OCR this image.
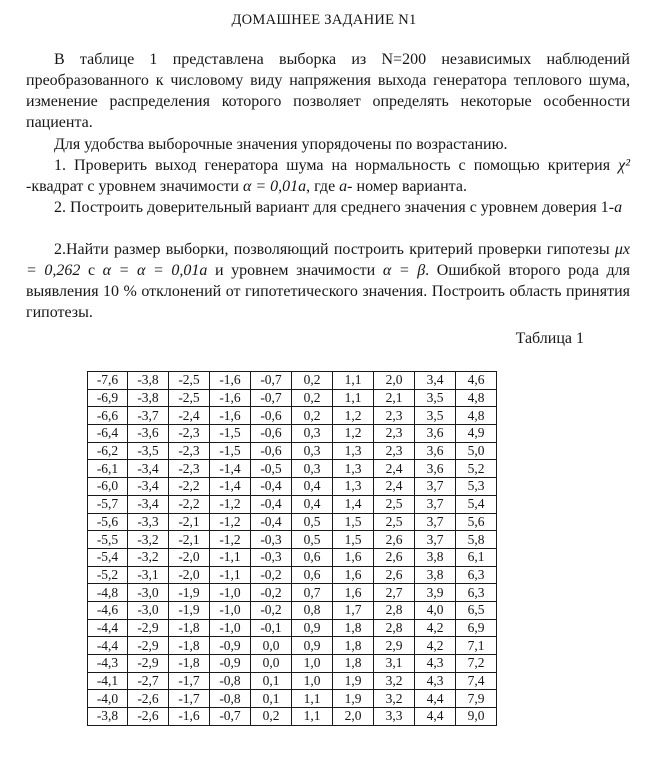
ДОМАШНЕЕ ЗАДАНИЕ N1

В таблице 1 представлена выборка из N=200 независимых наблюдений преобразованного к числовому виду напряжения выхода генератора теплового шума, изменение распределения которого позволяет определять некоторые особенности пациента.

Для удобства выборочные значения упорядочены по возрастанию.

1. Проверить выход генератора шума на нормальность с помощью критерия χ² -квадрат с уровнем значимости α = 0,01a, где a- номер варианта.

2. Построить доверительный вариант для среднего значения с уровнем доверия 1-a

2.Найти размер выборки, позволяющий построить критерий проверки гипотезы μx = 0,262 с α = α = 0,01a и уровнем значимости α = β. Ошибкой второго рода для выявления 10 % отклонений от гипотетического значения. Построить область принятия гипотезы.

Таблица 1
-7,6	-3,8	-2,5	-1,6	-0,7	0,2	1,1	2,0	3,4	4,6
-6,9	-3,8	-2,5	-1,6	-0,7	0,2	1,1	2,1	3,5	4,8
-6,6	-3,7	-2,4	-1,6	-0,6	0,2	1,2	2,3	3,5	4,8
-6,4	-3,6	-2,3	-1,5	-0,6	0,3	1,2	2,3	3,6	4,9
-6,2	-3,5	-2,3	-1,5	-0,6	0,3	1,3	2,3	3,6	5,0
-6,1	-3,4	-2,3	-1,4	-0,5	0,3	1,3	2,4	3,6	5,2
-6,0	-3,4	-2,2	-1,4	-0,4	0,4	1,3	2,4	3,7	5,3
-5,7	-3,4	-2,2	-1,2	-0,4	0,4	1,4	2,5	3,7	5,4
-5,6	-3,3	-2,1	-1,2	-0,4	0,5	1,5	2,5	3,7	5,6
-5,5	-3,2	-2,1	-1,2	-0,3	0,5	1,5	2,6	3,7	5,8
-5,4	-3,2	-2,0	-1,1	-0,3	0,6	1,6	2,6	3,8	6,1
-5,2	-3,1	-2,0	-1,1	-0,2	0,6	1,6	2,6	3,8	6,3
-4,8	-3,0	-1,9	-1,0	-0,2	0,7	1,6	2,7	3,9	6,3
-4,6	-3,0	-1,9	-1,0	-0,2	0,8	1,7	2,8	4,0	6,5
-4,4	-2,9	-1,8	-1,0	-0,1	0,9	1,8	2,8	4,2	6,9
-4,4	-2,9	-1,8	-0,9	0,0	0,9	1,8	2,9	4,2	7,1
-4,3	-2,9	-1,8	-0,9	0,0	1,0	1,8	3,1	4,3	7,2
-4,1	-2,7	-1,7	-0,8	0,1	1,0	1,9	3,2	4,3	7,4
-4,0	-2,6	-1,7	-0,8	0,1	1,1	1,9	3,2	4,4	7,9
-3,8	-2,6	-1,6	-0,7	0,2	1,1	2,0	3,3	4,4	9,0
